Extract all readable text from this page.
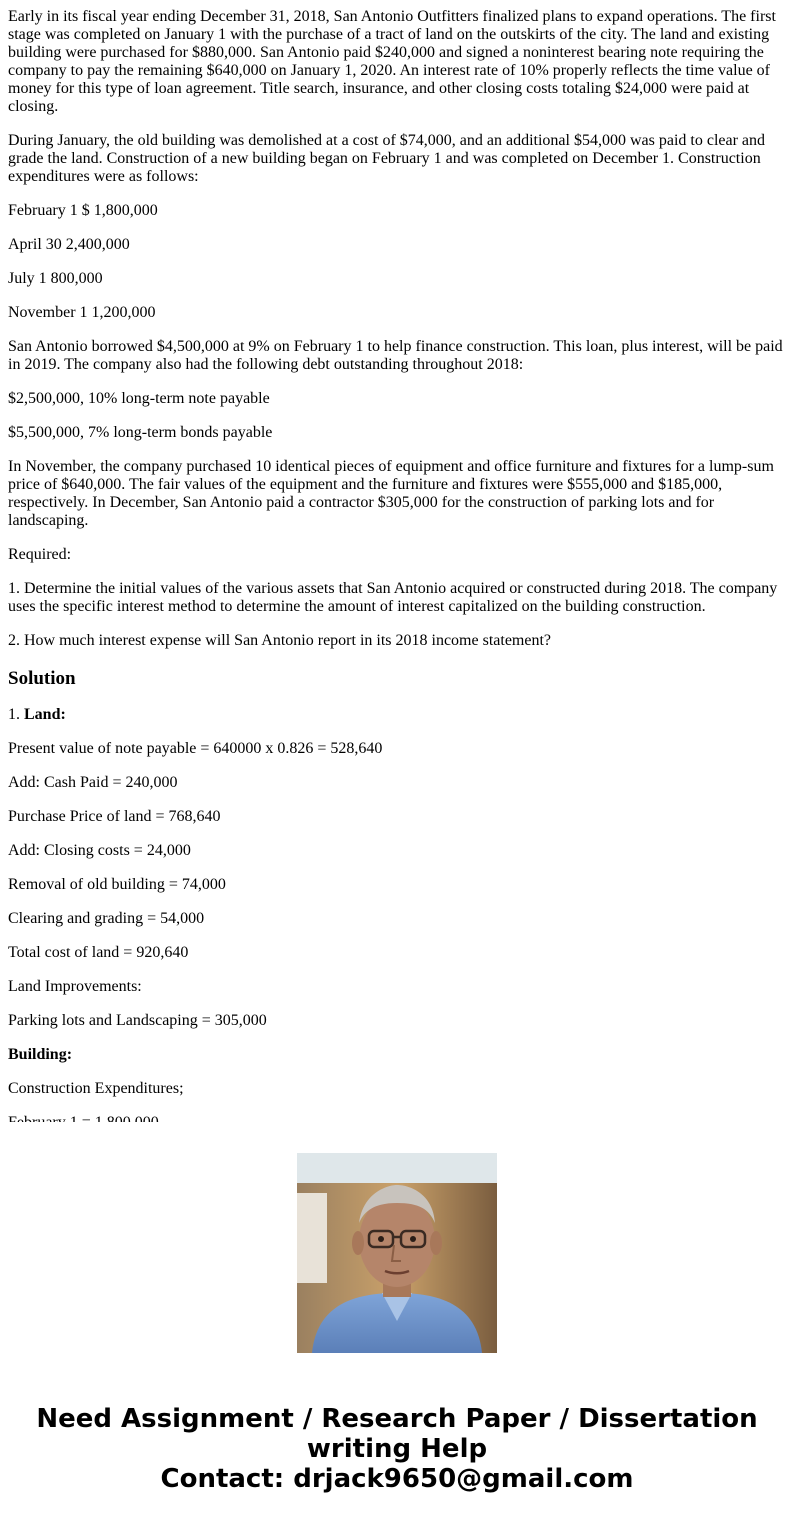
Early in its fiscal year ending December 31, 2018, San Antonio Outfitters finalized plans to expand operations. The first stage was completed on January 1 with the purchase of a tract of land on the outskirts of the city. The land and existing building were purchased for $880,000. San Antonio paid $240,000 and signed a noninterest bearing note requiring the company to pay the remaining $640,000 on January 1, 2020. An interest rate of 10% properly reflects the time value of money for this type of loan agreement. Title search, insurance, and other closing costs totaling $24,000 were paid at closing.

During January, the old building was demolished at a cost of $74,000, and an additional $54,000 was paid to clear and grade the land. Construction of a new building began on February 1 and was completed on December 1. Construction expenditures were as follows:

February 1 $ 1,800,000

April 30 2,400,000

July 1 800,000

November 1 1,200,000

San Antonio borrowed $4,500,000 at 9% on February 1 to help finance construction. This loan, plus interest, will be paid in 2019. The company also had the following debt outstanding throughout 2018:

$2,500,000, 10% long-term note payable

$5,500,000, 7% long-term bonds payable

In November, the company purchased 10 identical pieces of equipment and office furniture and fixtures for a lump-sum price of $640,000. The fair values of the equipment and the furniture and fixtures were $555,000 and $185,000, respectively. In December, San Antonio paid a contractor $305,000 for the construction of parking lots and for landscaping.

Required:

1. Determine the initial values of the various assets that San Antonio acquired or constructed during 2018. The company uses the specific interest method to determine the amount of interest capitalized on the building construction.

2. How much interest expense will San Antonio report in its 2018 income statement?

Solution

1. Land:

Present value of note payable = 640000 x 0.826 = 528,640

Add: Cash Paid = 240,000

Purchase Price of land = 768,640

Add: Closing costs = 24,000

Removal of old building = 74,000

Clearing and grading = 54,000

Total cost of land = 920,640

Land Improvements:

Parking lots and Landscaping = 305,000

Building:

Construction Expenditures;

Need Assignment / Research Paper / Dissertation
writing Help
Contact: drjack9650@gmail.com
